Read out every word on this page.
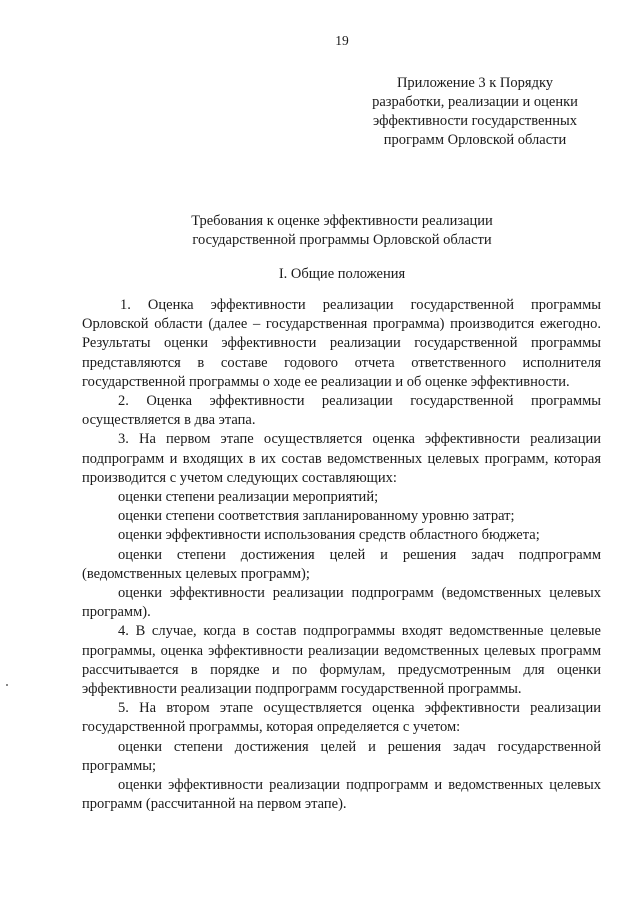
19
Приложение 3 к Порядку
разработки, реализации и оценки
эффективности государственных
программ Орловской области
Требования к оценке эффективности реализации
государственной программы Орловской области
I. Общие положения

1. Оценка эффективности реализации государственной программы Орловской области (далее – государственная программа) производится ежегодно. Результаты оценки эффективности реализации государственной программы представляются в составе годового отчета ответственного исполнителя государственной программы о ходе ее реализации и об оценке эффективности.

2. Оценка эффективности реализации государственной программы осуществляется в два этапа.

3. На первом этапе осуществляется оценка эффективности реализации подпрограмм и входящих в их состав ведомственных целевых программ, которая производится с учетом следующих составляющих:

оценки степени реализации мероприятий;

оценки степени соответствия запланированному уровню затрат;

оценки эффективности использования средств областного бюджета;

оценки степени достижения целей и решения задач подпрограмм (ведомственных целевых программ);

оценки эффективности реализации подпрограмм (ведомственных целевых программ).

4. В случае, когда в состав подпрограммы входят ведомственные целевые программы, оценка эффективности реализации ведомственных целевых программ рассчитывается в порядке и по формулам, предусмотренным для оценки эффективности реализации подпрограмм государственной программы.

5. На втором этапе осуществляется оценка эффективности реализации государственной программы, которая определяется с учетом:

оценки степени достижения целей и решения задач государственной программы;

оценки эффективности реализации подпрограмм и ведомственных целевых программ (рассчитанной на первом этапе).
